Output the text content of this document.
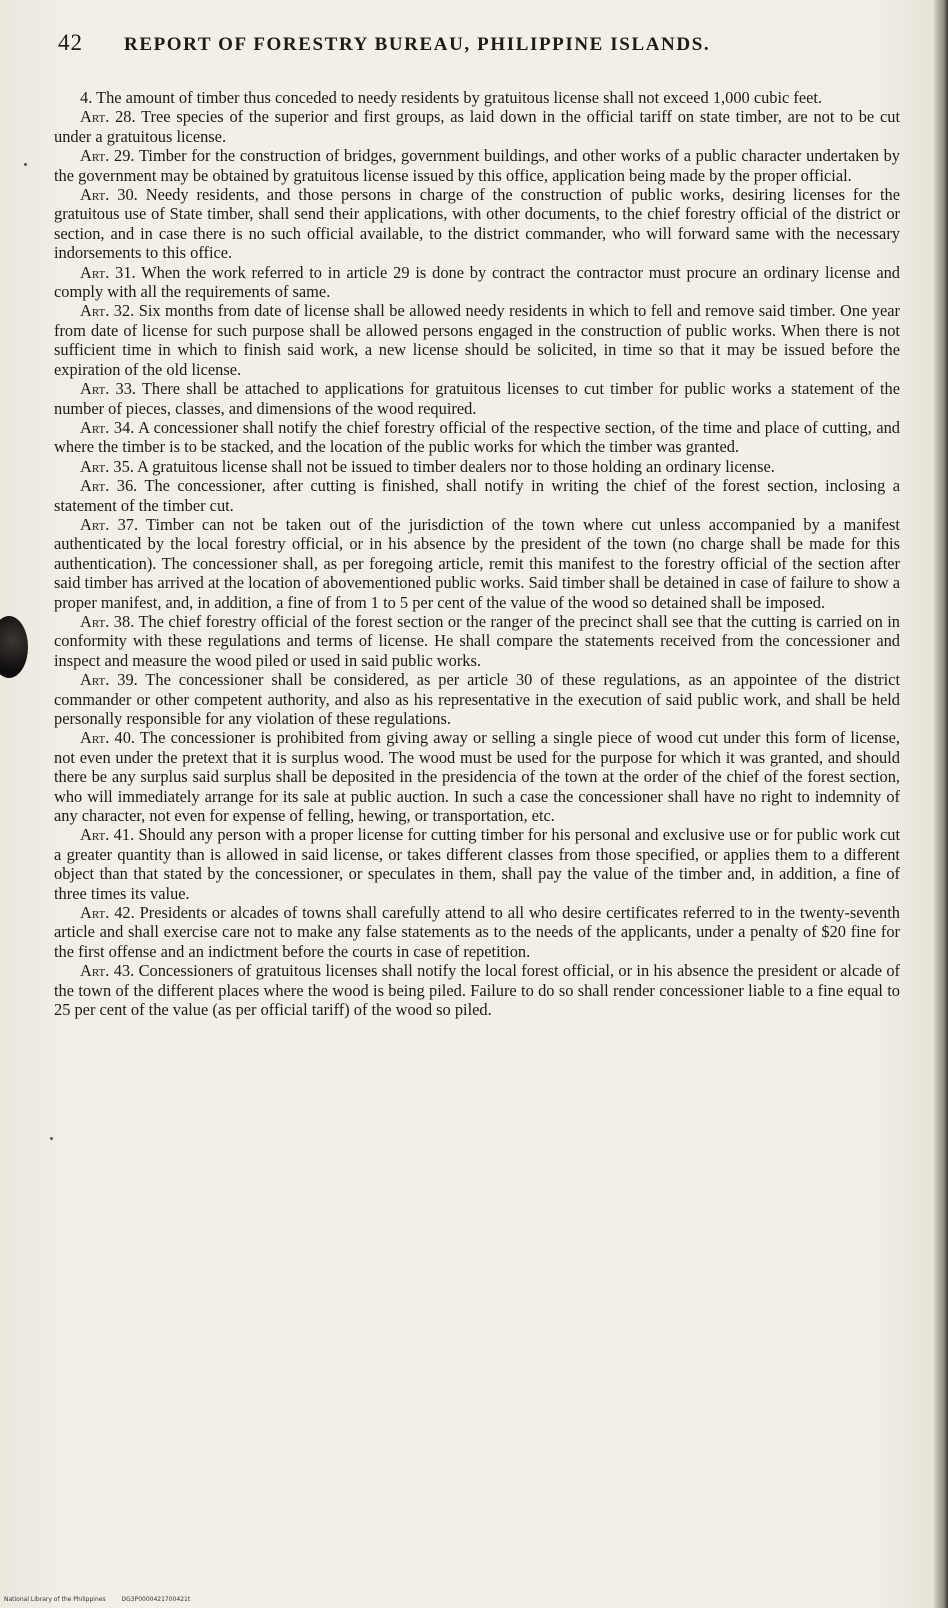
42	REPORT OF FORESTRY BUREAU, PHILIPPINE ISLANDS.

4. The amount of timber thus conceded to needy residents by gratuitous license shall not exceed 1,000 cubic feet.

Art. 28. Tree species of the superior and first groups, as laid down in the official tariff on state timber, are not to be cut under a gratuitous license.

Art. 29. Timber for the construction of bridges, government buildings, and other works of a public character undertaken by the government may be obtained by gratuitous license issued by this office, application being made by the proper official.

Art. 30. Needy residents, and those persons in charge of the construction of public works, desiring licenses for the gratuitous use of State timber, shall send their applications, with other documents, to the chief forestry official of the district or section, and in case there is no such official available, to the district commander, who will forward same with the necessary indorsements to this office.

Art. 31. When the work referred to in article 29 is done by contract the contractor must procure an ordinary license and comply with all the requirements of same.

Art. 32. Six months from date of license shall be allowed needy residents in which to fell and remove said timber. One year from date of license for such purpose shall be allowed persons engaged in the construction of public works. When there is not sufficient time in which to finish said work, a new license should be solicited, in time so that it may be issued before the expiration of the old license.

Art. 33. There shall be attached to applications for gratuitous licenses to cut timber for public works a statement of the number of pieces, classes, and dimensions of the wood required.

Art. 34. A concessioner shall notify the chief forestry official of the respective section, of the time and place of cutting, and where the timber is to be stacked, and the location of the public works for which the timber was granted.

Art. 35. A gratuitous license shall not be issued to timber dealers nor to those holding an ordinary license.

Art. 36. The concessioner, after cutting is finished, shall notify in writing the chief of the forest section, inclosing a statement of the timber cut.

Art. 37. Timber can not be taken out of the jurisdiction of the town where cut unless accompanied by a manifest authenticated by the local forestry official, or in his absence by the president of the town (no charge shall be made for this authentication). The concessioner shall, as per foregoing article, remit this manifest to the forestry official of the section after said timber has arrived at the location of abovementioned public works. Said timber shall be detained in case of failure to show a proper manifest, and, in addition, a fine of from 1 to 5 per cent of the value of the wood so detained shall be imposed.

Art. 38. The chief forestry official of the forest section or the ranger of the precinct shall see that the cutting is carried on in conformity with these regulations and terms of license. He shall compare the statements received from the concessioner and inspect and measure the wood piled or used in said public works.

Art. 39. The concessioner shall be considered, as per article 30 of these regulations, as an appointee of the district commander or other competent authority, and also as his representative in the execution of said public work, and shall be held personally responsible for any violation of these regulations.

Art. 40. The concessioner is prohibited from giving away or selling a single piece of wood cut under this form of license, not even under the pretext that it is surplus wood. The wood must be used for the purpose for which it was granted, and should there be any surplus said surplus shall be deposited in the presidencia of the town at the order of the chief of the forest section, who will immediately arrange for its sale at public auction. In such a case the concessioner shall have no right to indemnity of any character, not even for expense of felling, hewing, or transportation, etc.

Art. 41. Should any person with a proper license for cutting timber for his personal and exclusive use or for public work cut a greater quantity than is allowed in said license, or takes different classes from those specified, or applies them to a different object than that stated by the concessioner, or speculates in them, shall pay the value of the timber and, in addition, a fine of three times its value.

Art. 42. Presidents or alcades of towns shall carefully attend to all who desire certificates referred to in the twenty-seventh article and shall exercise care not to make any false statements as to the needs of the applicants, under a penalty of $20 fine for the first offense and an indictment before the courts in case of repetition.

Art. 43. Concessioners of gratuitous licenses shall notify the local forest official, or in his absence the president or alcade of the town of the different places where the wood is being piled. Failure to do so shall render concessioner liable to a fine equal to 25 per cent of the value (as per official tariff) of the wood so piled.

National Library of the Philippines	DG3P0000421700421t
